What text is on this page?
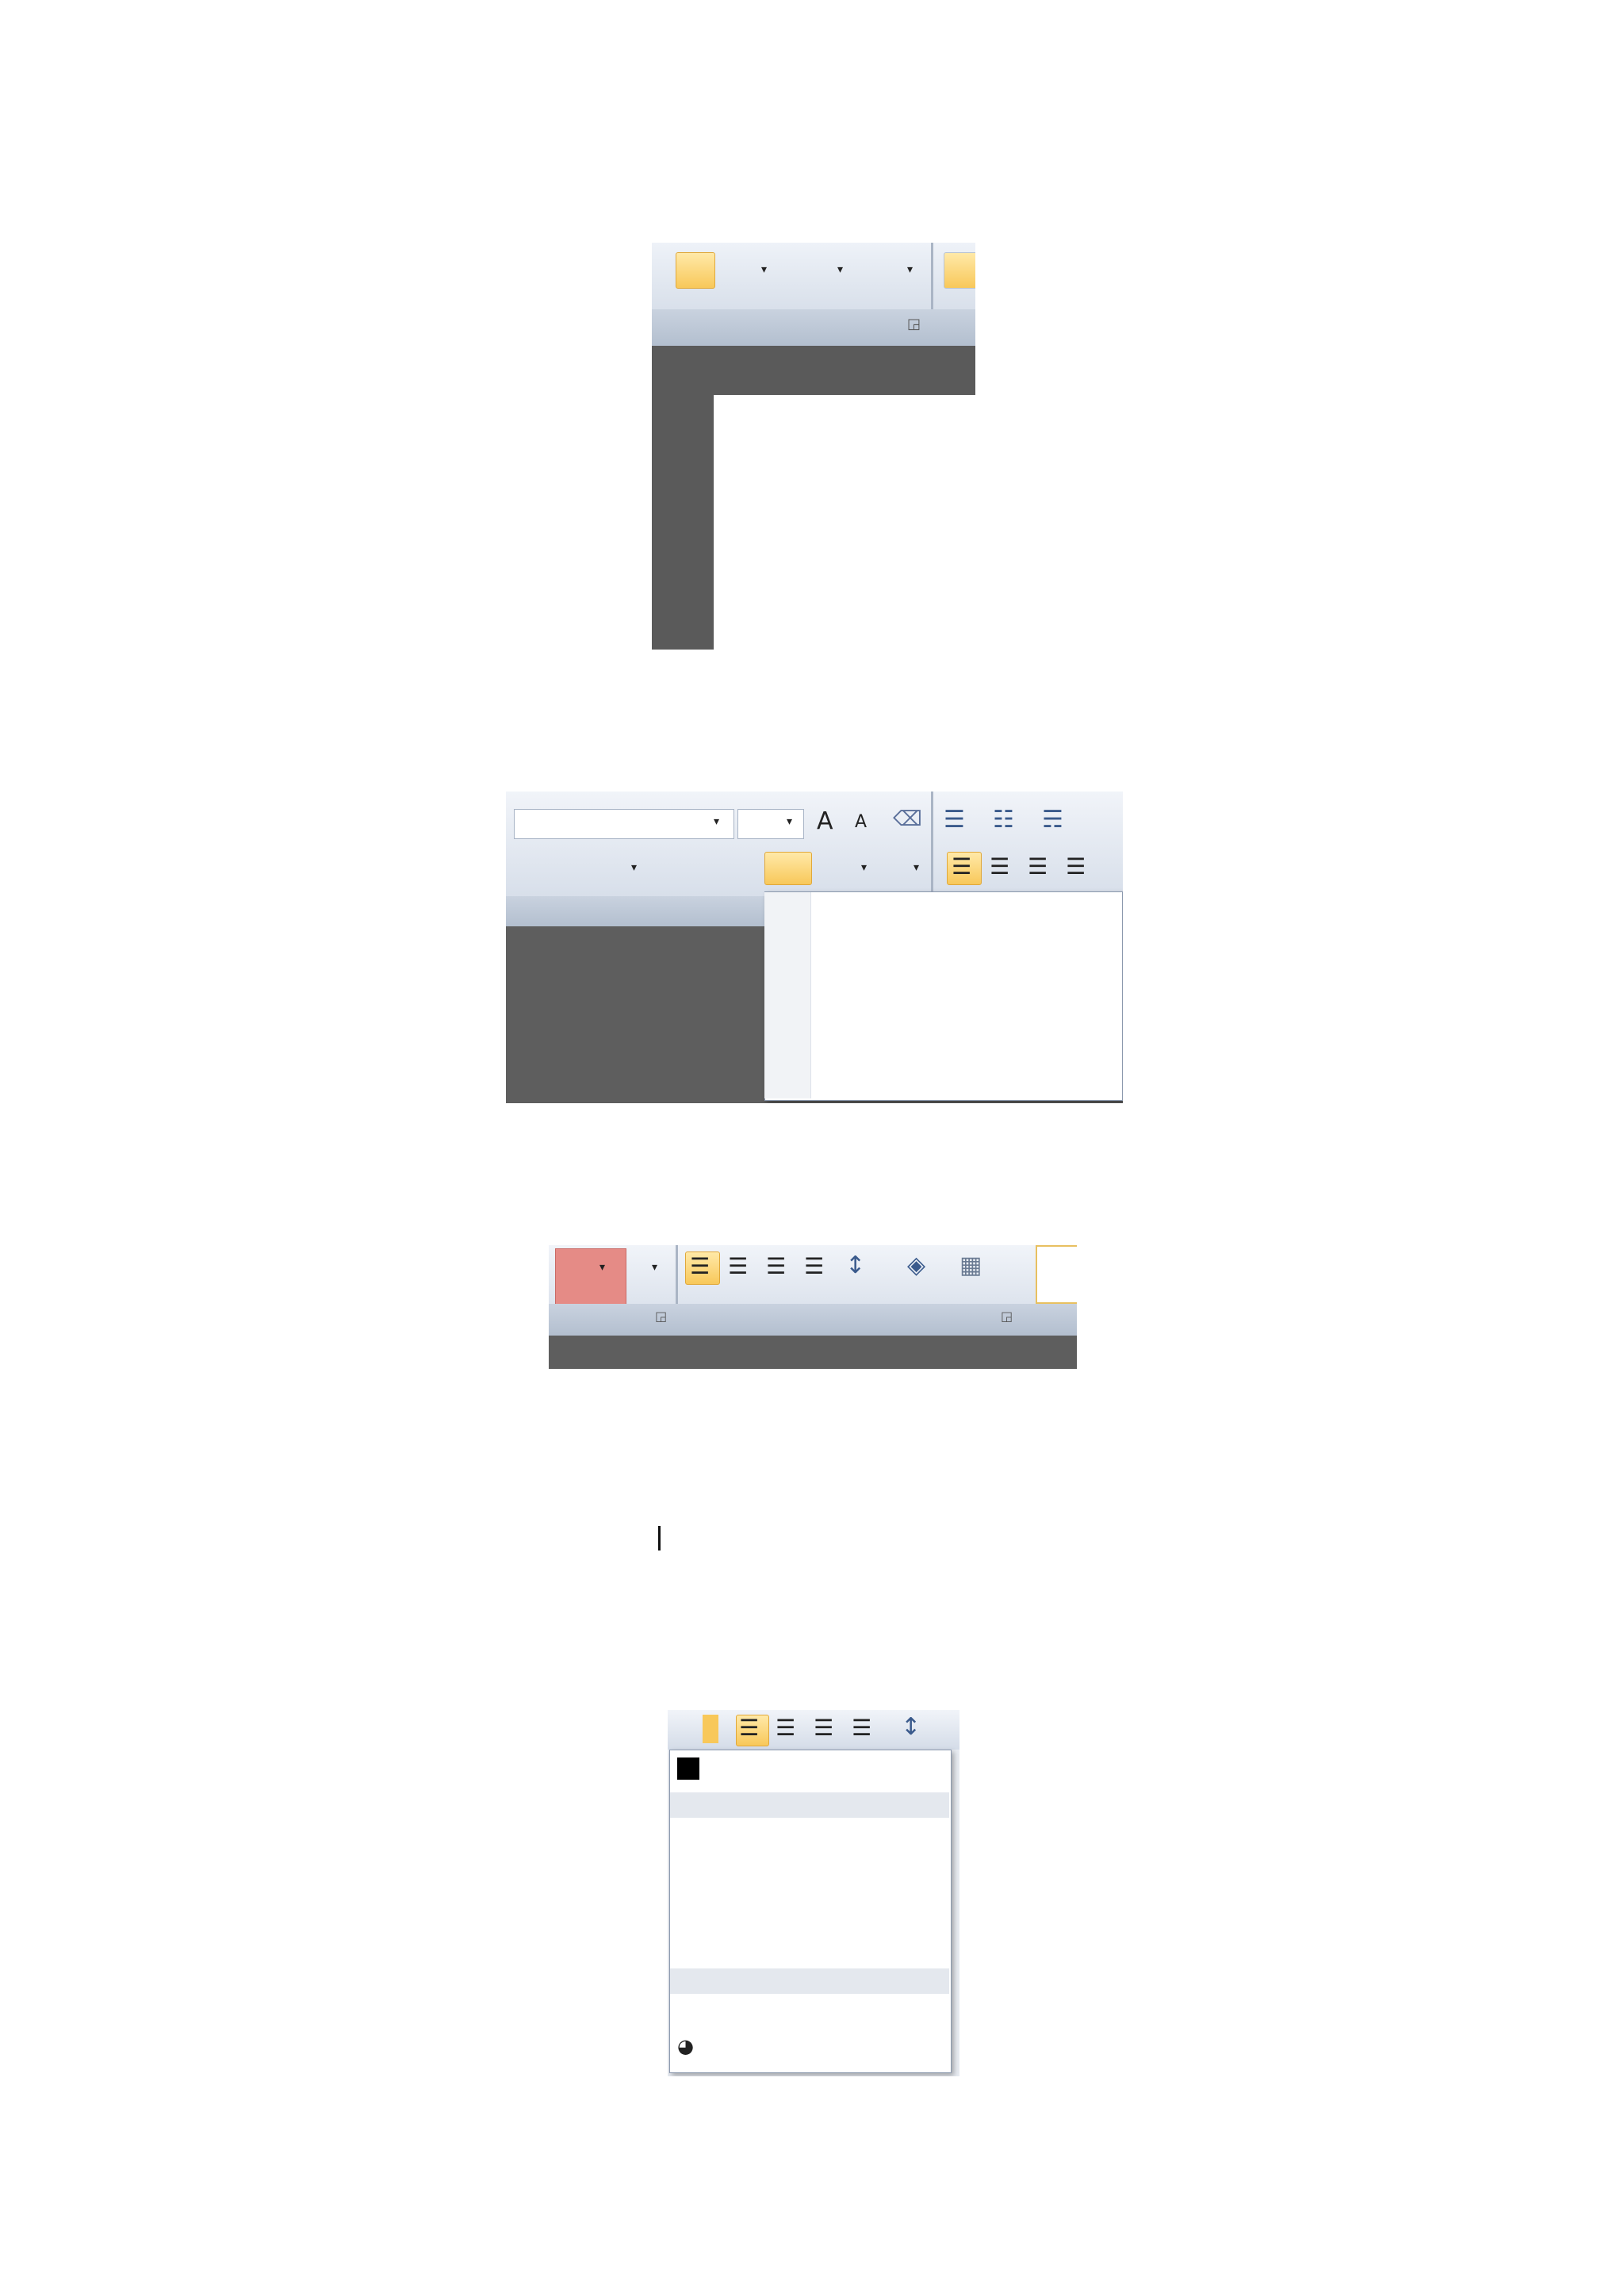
▾	▾	▾
◲
▾	▾ A A ⌫ ☰ ☷ ☴
▾	▾	▾ ☰ ☰ ☰ ☰
▾	▾ ☰ ☰ ☰ ☰ ↕ ◈ ▦
◲	◲
☰ ☰ ☰ ☰ ↕
◕
